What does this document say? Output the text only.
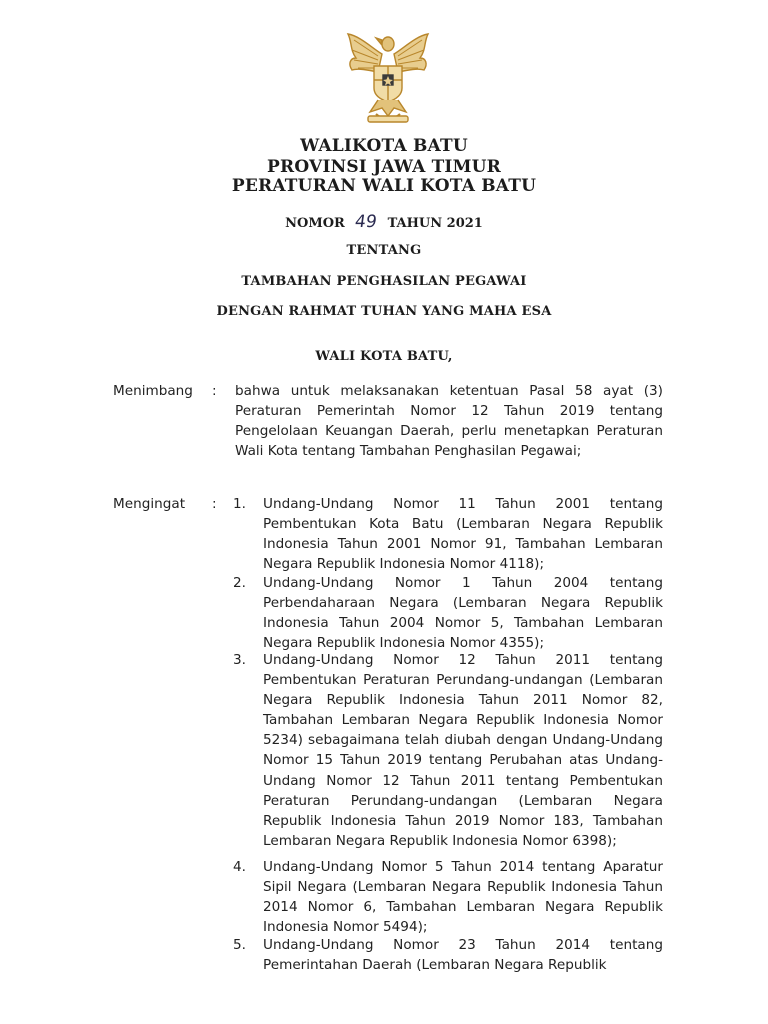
WALIKOTA BATU
PROVINSI JAWA TIMUR
PERATURAN WALI KOTA BATU
NOMOR 49 TAHUN 2021
TENTANG
TAMBAHAN PENGHASILAN PEGAWAI
DENGAN RAHMAT TUHAN YANG MAHA ESA
WALI KOTA BATU,
Menimbang : bahwa untuk melaksanakan ketentuan Pasal 58 ayat (3) Peraturan Pemerintah Nomor 12 Tahun 2019 tentang Pengelolaan Keuangan Daerah, perlu menetapkan Peraturan Wali Kota tentang Tambahan Penghasilan Pegawai;
Mengingat : 1. Undang-Undang Nomor 11 Tahun 2001 tentang Pembentukan Kota Batu (Lembaran Negara Republik Indonesia Tahun 2001 Nomor 91, Tambahan Lembaran Negara Republik Indonesia Nomor 4118);
2. Undang-Undang Nomor 1 Tahun 2004 tentang Perbendaharaan Negara (Lembaran Negara Republik Indonesia Tahun 2004 Nomor 5, Tambahan Lembaran Negara Republik Indonesia Nomor 4355);
3. Undang-Undang Nomor 12 Tahun 2011 tentang Pembentukan Peraturan Perundang-undangan (Lembaran Negara Republik Indonesia Tahun 2011 Nomor 82, Tambahan Lembaran Negara Republik Indonesia Nomor 5234) sebagaimana telah diubah dengan Undang-Undang Nomor 15 Tahun 2019 tentang Perubahan atas Undang-Undang Nomor 12 Tahun 2011 tentang Pembentukan Peraturan Perundang-undangan (Lembaran Negara Republik Indonesia Tahun 2019 Nomor 183, Tambahan Lembaran Negara Republik Indonesia Nomor 6398);
4. Undang-Undang Nomor 5 Tahun 2014 tentang Aparatur Sipil Negara (Lembaran Negara Republik Indonesia Tahun 2014 Nomor 6, Tambahan Lembaran Negara Republik Indonesia Nomor 5494);
5. Undang-Undang Nomor 23 Tahun 2014 tentang Pemerintahan Daerah (Lembaran Negara Republik
